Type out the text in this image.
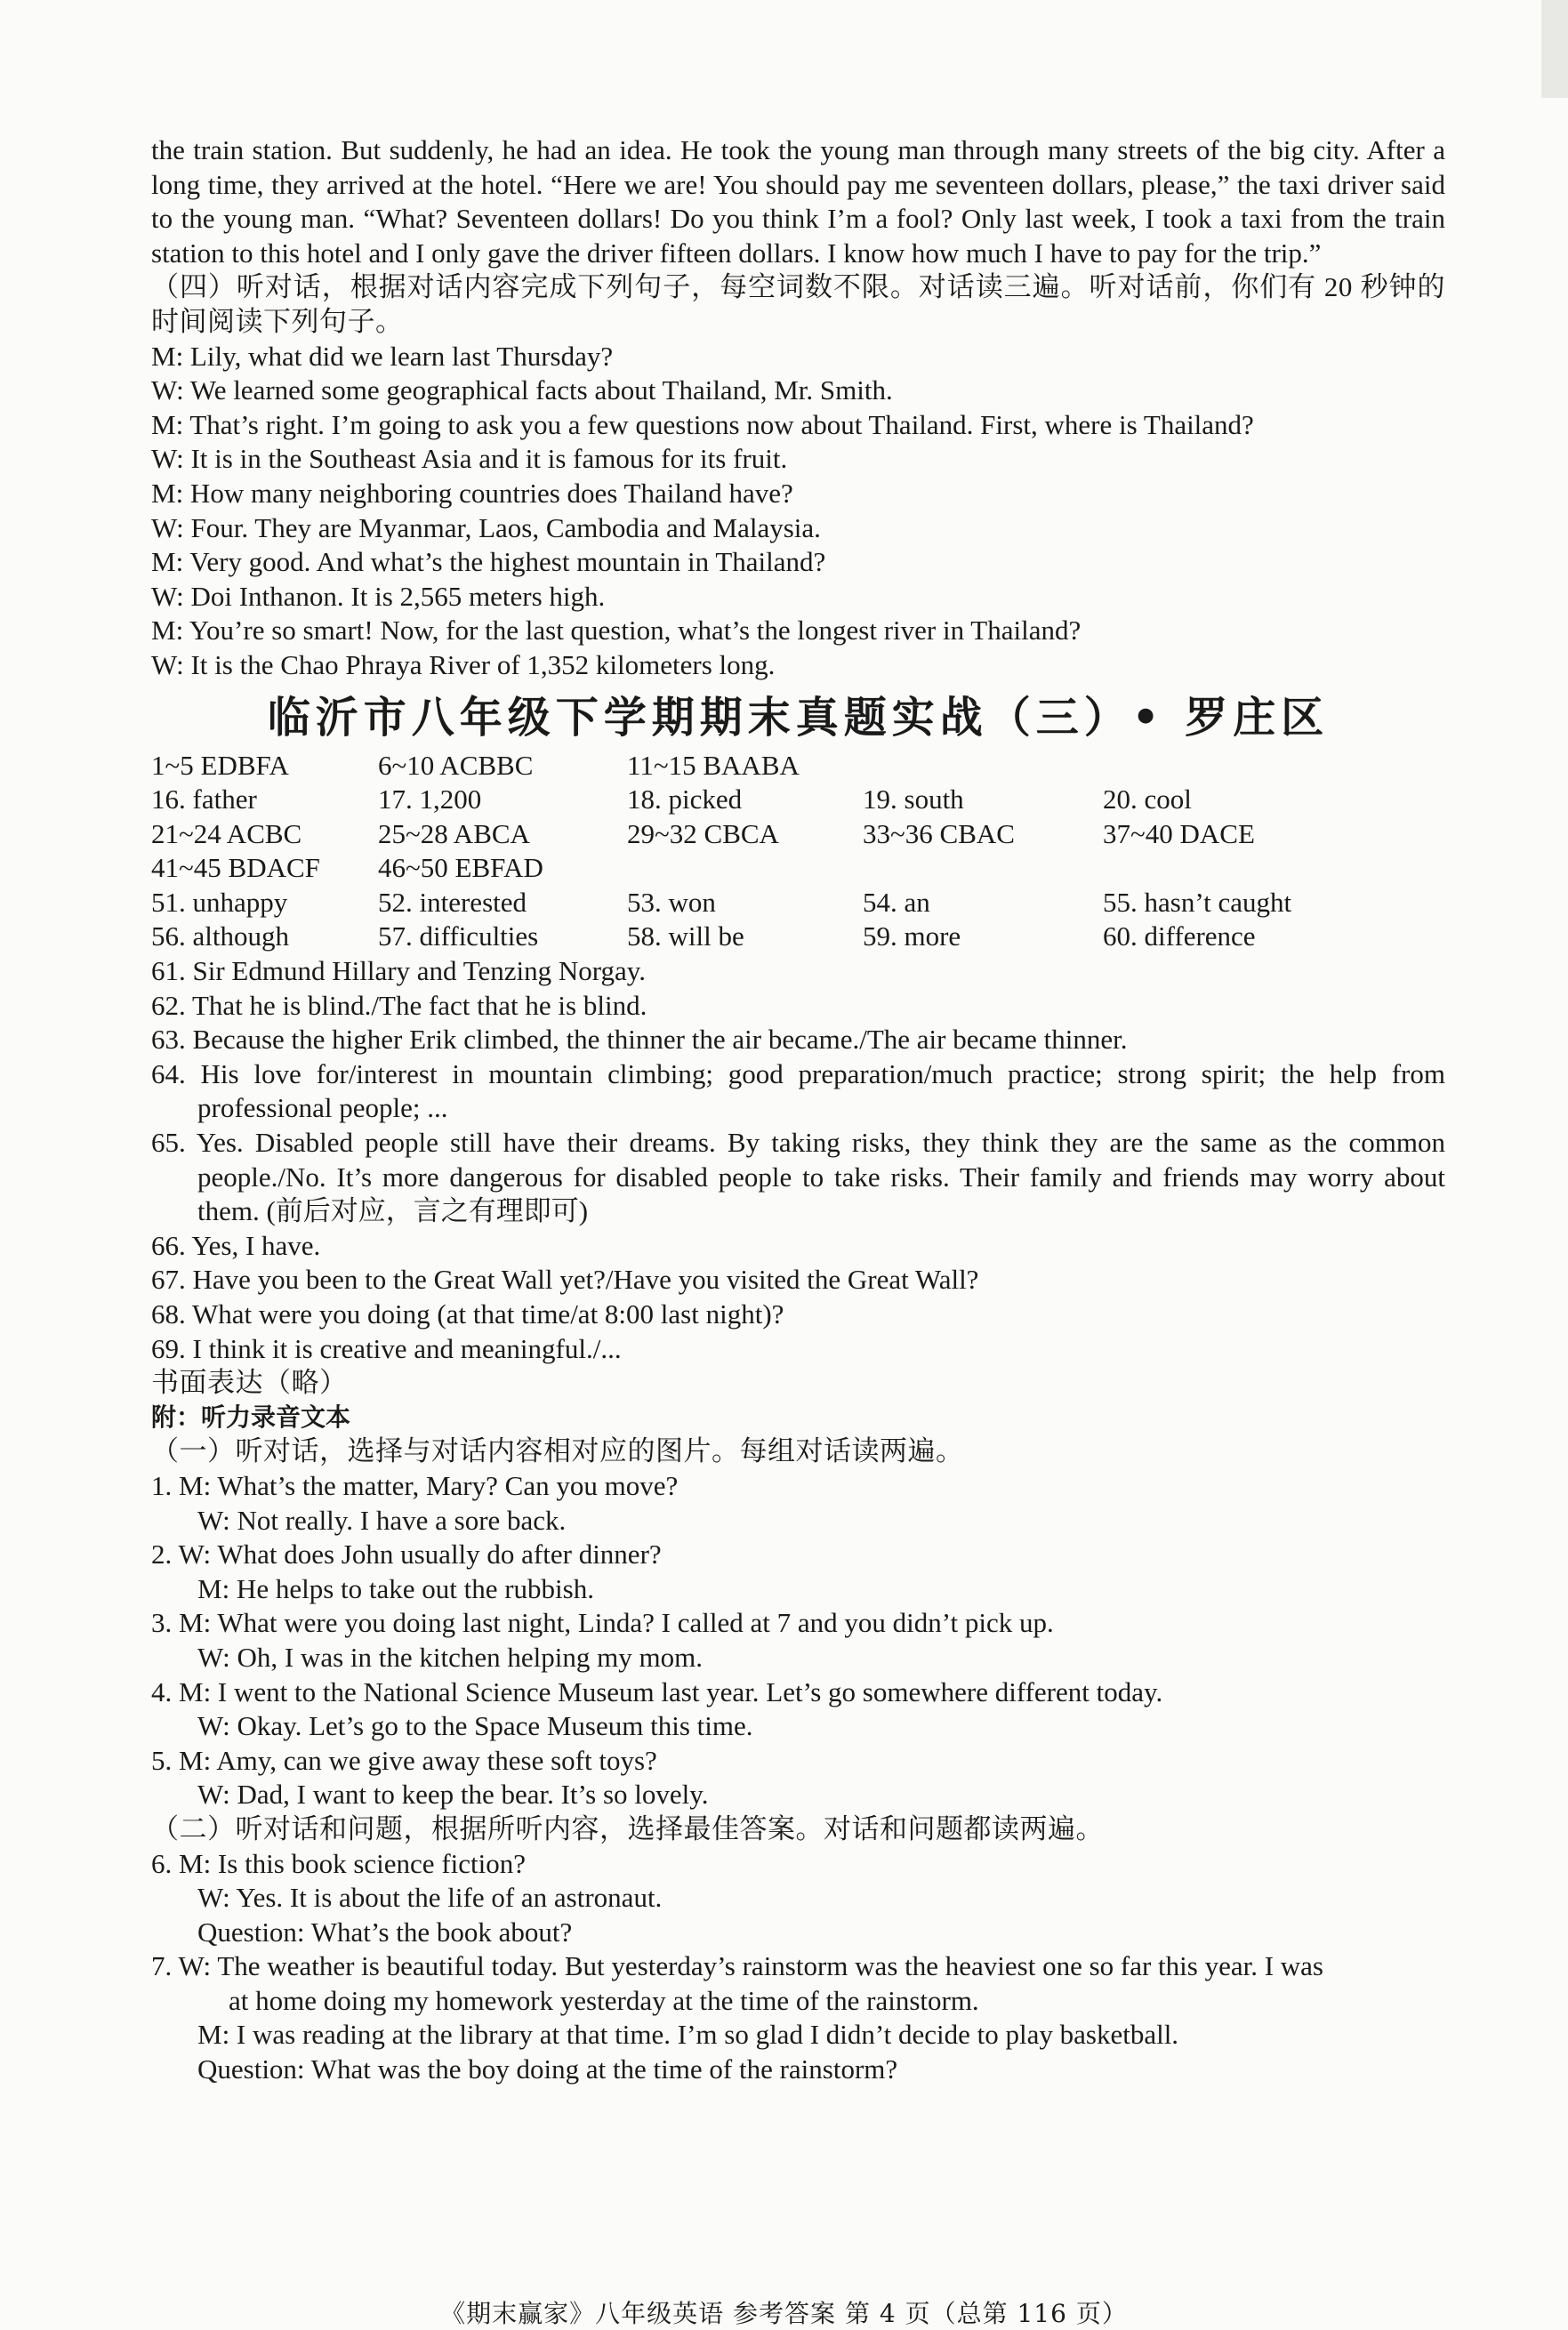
the train station. But suddenly, he had an idea. He took the young man through many streets of the big city. After a long time, they arrived at the hotel. “Here we are! You should pay me seventeen dollars, please,” the taxi driver said to the young man. “What? Seventeen dollars! Do you think I’m a fool? Only last week, I took a taxi from the train station to this hotel and I only gave the driver fifteen dollars. I know how much I have to pay for the trip.”

（四）听对话，根据对话内容完成下列句子，每空词数不限。对话读三遍。听对话前，你们有 20 秒钟的时间阅读下列句子。

M: Lily, what did we learn last Thursday?

W: We learned some geographical facts about Thailand, Mr. Smith.

M: That’s right. I’m going to ask you a few questions now about Thailand. First, where is Thailand?

W: It is in the Southeast Asia and it is famous for its fruit.

M: How many neighboring countries does Thailand have?

W: Four. They are Myanmar, Laos, Cambodia and Malaysia.

M: Very good. And what’s the highest mountain in Thailand?

W: Doi Inthanon. It is 2,565 meters high.

M: You’re so smart! Now, for the last question, what’s the longest river in Thailand?

W: It is the Chao Phraya River of 1,352 kilometers long.

临沂市八年级下学期期末真题实战（三）• 罗庄区
1~5 EDBFA	6~10 ACBBC	11~15 BAABA
16. father	17. 1,200	18. picked	19. south	20. cool
21~24 ACBC	25~28 ABCA	29~32 CBCA	33~36 CBAC	37~40 DACE
41~45 BDACF	46~50 EBFAD
51. unhappy	52. interested	53. won	54. an	55. hasn’t caught
56. although	57. difficulties	58. will be	59. more	60. difference

61. Sir Edmund Hillary and Tenzing Norgay.

62. That he is blind./The fact that he is blind.

63. Because the higher Erik climbed, the thinner the air became./The air became thinner.

64. His love for/interest in mountain climbing; good preparation/much practice; strong spirit; the help from professional people; ...

65. Yes. Disabled people still have their dreams. By taking risks, they think they are the same as the common people./No. It’s more dangerous for disabled people to take risks. Their family and friends may worry about them. (前后对应，言之有理即可)

66. Yes, I have.

67. Have you been to the Great Wall yet?/Have you visited the Great Wall?

68. What were you doing (at that time/at 8:00 last night)?

69. I think it is creative and meaningful./...

书面表达（略）

附：听力录音文本

（一）听对话，选择与对话内容相对应的图片。每组对话读两遍。

1. M: What’s the matter, Mary? Can you move?

W: Not really. I have a sore back.

2. W: What does John usually do after dinner?

M: He helps to take out the rubbish.

3. M: What were you doing last night, Linda? I called at 7 and you didn’t pick up.

W: Oh, I was in the kitchen helping my mom.

4. M: I went to the National Science Museum last year. Let’s go somewhere different today.

W: Okay. Let’s go to the Space Museum this time.

5. M: Amy, can we give away these soft toys?

W: Dad, I want to keep the bear. It’s so lovely.

（二）听对话和问题，根据所听内容，选择最佳答案。对话和问题都读两遍。

6. M: Is this book science fiction?

W: Yes. It is about the life of an astronaut.

Question: What’s the book about?

7. W: The weather is beautiful today. But yesterday’s rainstorm was the heaviest one so far this year. I was

at home doing my homework yesterday at the time of the rainstorm.

M: I was reading at the library at that time. I’m so glad I didn’t decide to play basketball.

Question: What was the boy doing at the time of the rainstorm?

《期末赢家》八年级英语 参考答案 第 4 页（总第 116 页）
